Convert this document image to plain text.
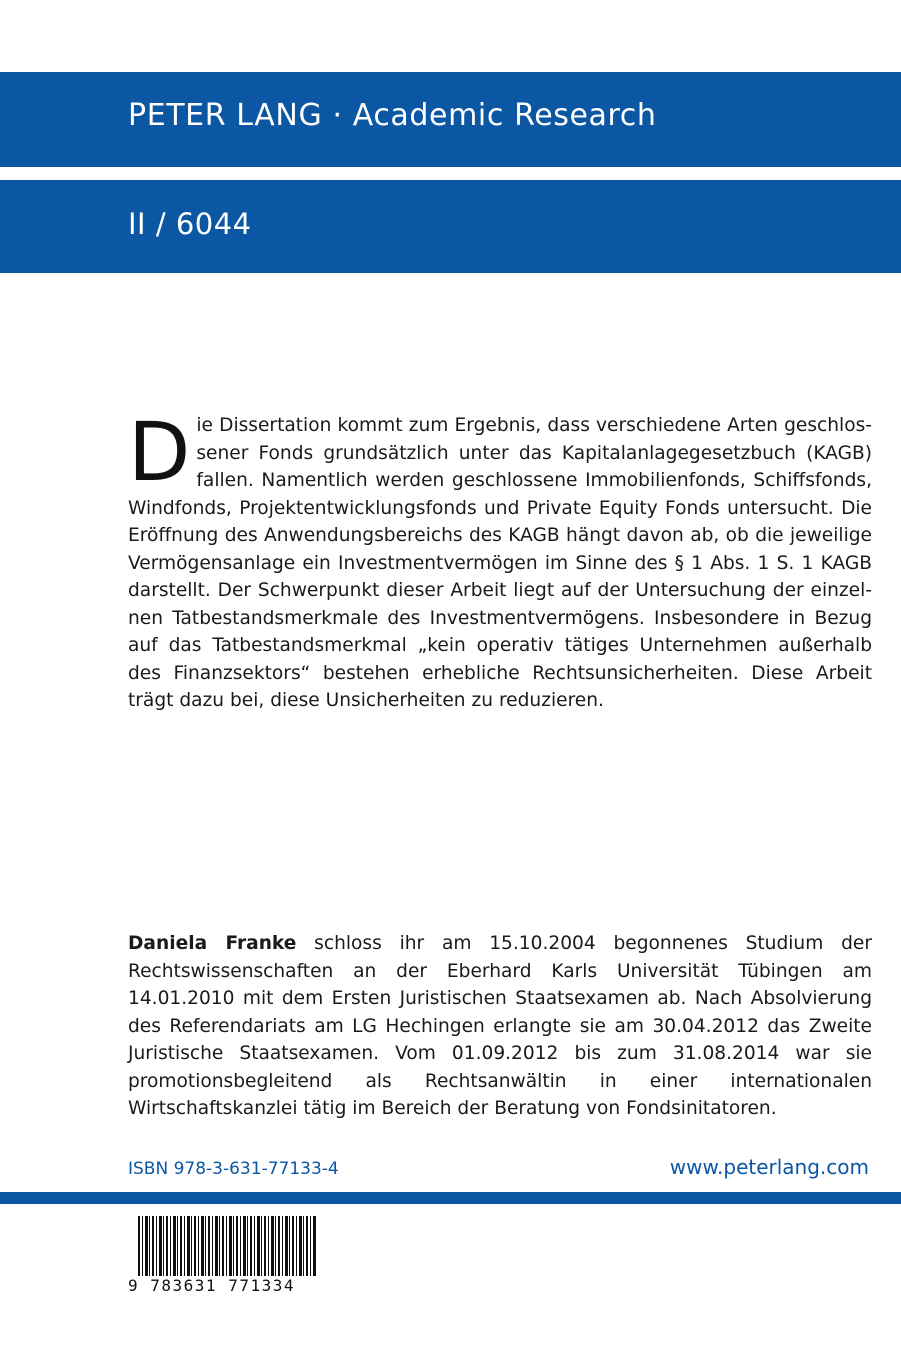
PETER LANG · Academic Research
II / 6044
Die Dissertation kommt zum Ergebnis, dass verschiedene Arten geschlossener Fonds grundsätzlich unter das Kapitalanlagegesetzbuch (KAGB) fallen. Namentlich werden geschlossene Immobilienfonds, Schiffsfonds, Windfonds, Projektentwicklungsfonds und Private Equity Fonds untersucht. Die Eröffnung des Anwendungsbereichs des KAGB hängt davon ab, ob die jeweilige Vermögensanlage ein Investmentvermögen im Sinne des § 1 Abs. 1 S. 1 KAGB darstellt. Der Schwerpunkt dieser Arbeit liegt auf der Untersuchung der einzelnen Tatbestandsmerkmale des Investmentvermögens. Insbesondere in Bezug auf das Tatbestandsmerkmal „kein operativ tätiges Unternehmen außerhalb des Finanzsektors“ bestehen erhebliche Rechtsunsicherheiten. Diese Arbeit trägt dazu bei, diese Unsicherheiten zu reduzieren.
Daniela Franke schloss ihr am 15.10.2004 begonnenes Studium der Rechtswissenschaften an der Eberhard Karls Universität Tübingen am 14.01.2010 mit dem Ersten Juristischen Staatsexamen ab. Nach Absolvierung des Referendariats am LG Hechingen erlangte sie am 30.04.2012 das Zweite Juristische Staatsexamen. Vom 01.09.2012 bis zum 31.08.2014 war sie promotionsbegleitend als Rechtsanwältin in einer internationalen Wirtschaftskanzlei tätig im Bereich der Beratung von Fondsinitatoren.
ISBN 978-3-631-77133-4	www.peterlang.com
9 783631 771334
